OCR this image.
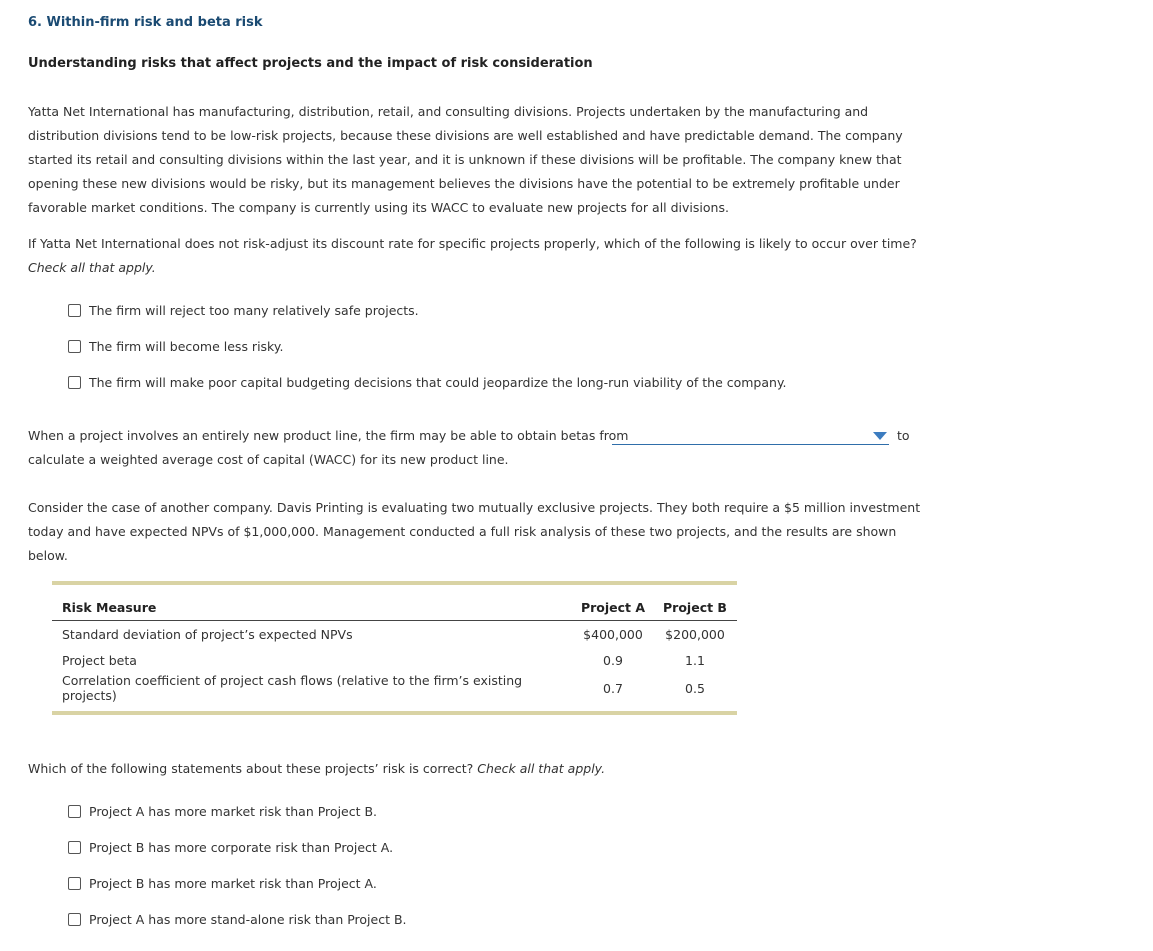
6. Within-firm risk and beta risk
Understanding risks that affect projects and the impact of risk consideration
Yatta Net International has manufacturing, distribution, retail, and consulting divisions. Projects undertaken by the manufacturing and distribution divisions tend to be low-risk projects, because these divisions are well established and have predictable demand. The company started its retail and consulting divisions within the last year, and it is unknown if these divisions will be profitable. The company knew that opening these new divisions would be risky, but its management believes the divisions have the potential to be extremely profitable under favorable market conditions. The company is currently using its WACC to evaluate new projects for all divisions.
If Yatta Net International does not risk-adjust its discount rate for specific projects properly, which of the following is likely to occur over time? Check all that apply.
The firm will reject too many relatively safe projects.
The firm will become less risky.
The firm will make poor capital budgeting decisions that could jeopardize the long-run viability of the company.
When a project involves an entirely new product line, the firm may be able to obtain betas from	to
calculate a weighted average cost of capital (WACC) for its new product line.
Consider the case of another company. Davis Printing is evaluating two mutually exclusive projects. They both require a $5 million investment today and have expected NPVs of $1,000,000. Management conducted a full risk analysis of these two projects, and the results are shown below.
Risk Measure	Project A	Project B
Standard deviation of project’s expected NPVs	$400,000	$200,000
Project beta	0.9	1.1
Correlation coefficient of project cash flows (relative to the firm’s existing projects)	0.7	0.5

Which of the following statements about these projects’ risk is correct? Check all that apply.
Project A has more market risk than Project B.
Project B has more corporate risk than Project A.
Project B has more market risk than Project A.
Project A has more stand-alone risk than Project B.
